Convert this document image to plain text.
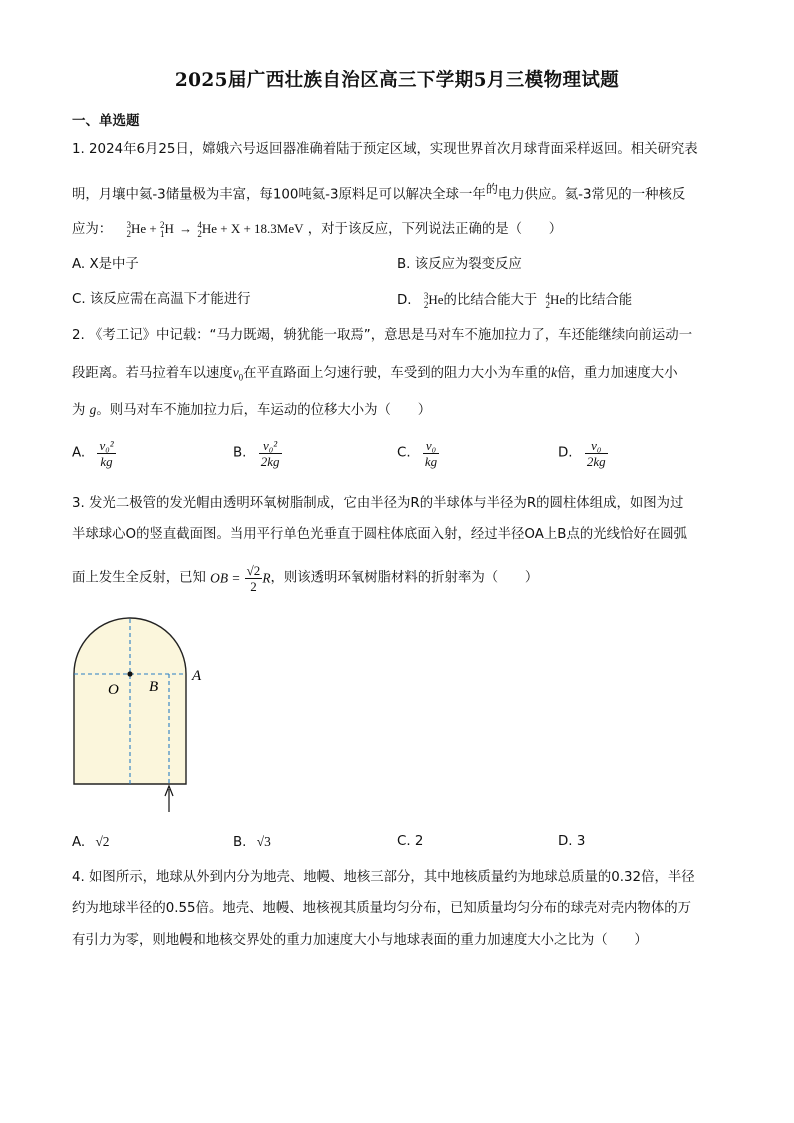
2025届广西壮族自治区高三下学期5月三模物理试题
一、单选题
1. 2024年6月25日，嫦娥六号返回器准确着陆于预定区域，实现世界首次月球背面采样返回。相关研究表
明，月壤中氦-3储量极为丰富，每100吨氦-3原料足可以解决全球一年$^的$电力供应。氦-3常见的一种核反
应为： 3
2He + 2
1H → 4
2He + X + 18.3MeV ，对于该反应，下列说法正确的是（　　）
A. X是中子	B. 该反应为裂变反应
C. 该反应需在高温下才能进行	D. 3
2He的比结合能大于 4
2He的比结合能
2. 《考工记》中记载：“马力既竭，辀犹能一取焉”，意思是马对车不施加拉力了，车还能继续向前运动一
段距离。若马拉着车以速度$v_0$在平直路面上匀速行驶，车受到的阻力大小为车重的k倍，重力加速度大小
为 g。则马对车不施加拉力后，车运动的位移大小为（　　）
A. $\frac{\text{v₀²}}{kg}$	B. $\frac{\text{v₀²}}{2kg}$	C. $\frac{\text{v₀}}{kg}$	D. $\frac{\text{v₀}}{2kg}$
3. 发光二极管的发光帽由透明环氧树脂制成，它由半径为R的半球体与半径为R的圆柱体组成，如图为过
半球球心O的竖直截面图。当用平行单色光垂直于圆柱体底面入射，经过半径OA上B点的光线恰好在圆弧
面上发生全反射，已知 OB = $\frac{√2}{2}$ R，则该透明环氧树脂材料的折射率为（　　）
O B
A
A. √2	B. √3	C. 2	D. 3
4. 如图所示，地球从外到内分为地壳、地幔、地核三部分，其中地核质量约为地球总质量的0.32倍，半径
约为地球半径的0.55倍。地壳、地幔、地核视其质量均匀分布，已知质量均匀分布的球壳对壳内物体的万
有引力为零，则地幔和地核交界处的重力加速度大小与地球表面的重力加速度大小之比为（　　）
